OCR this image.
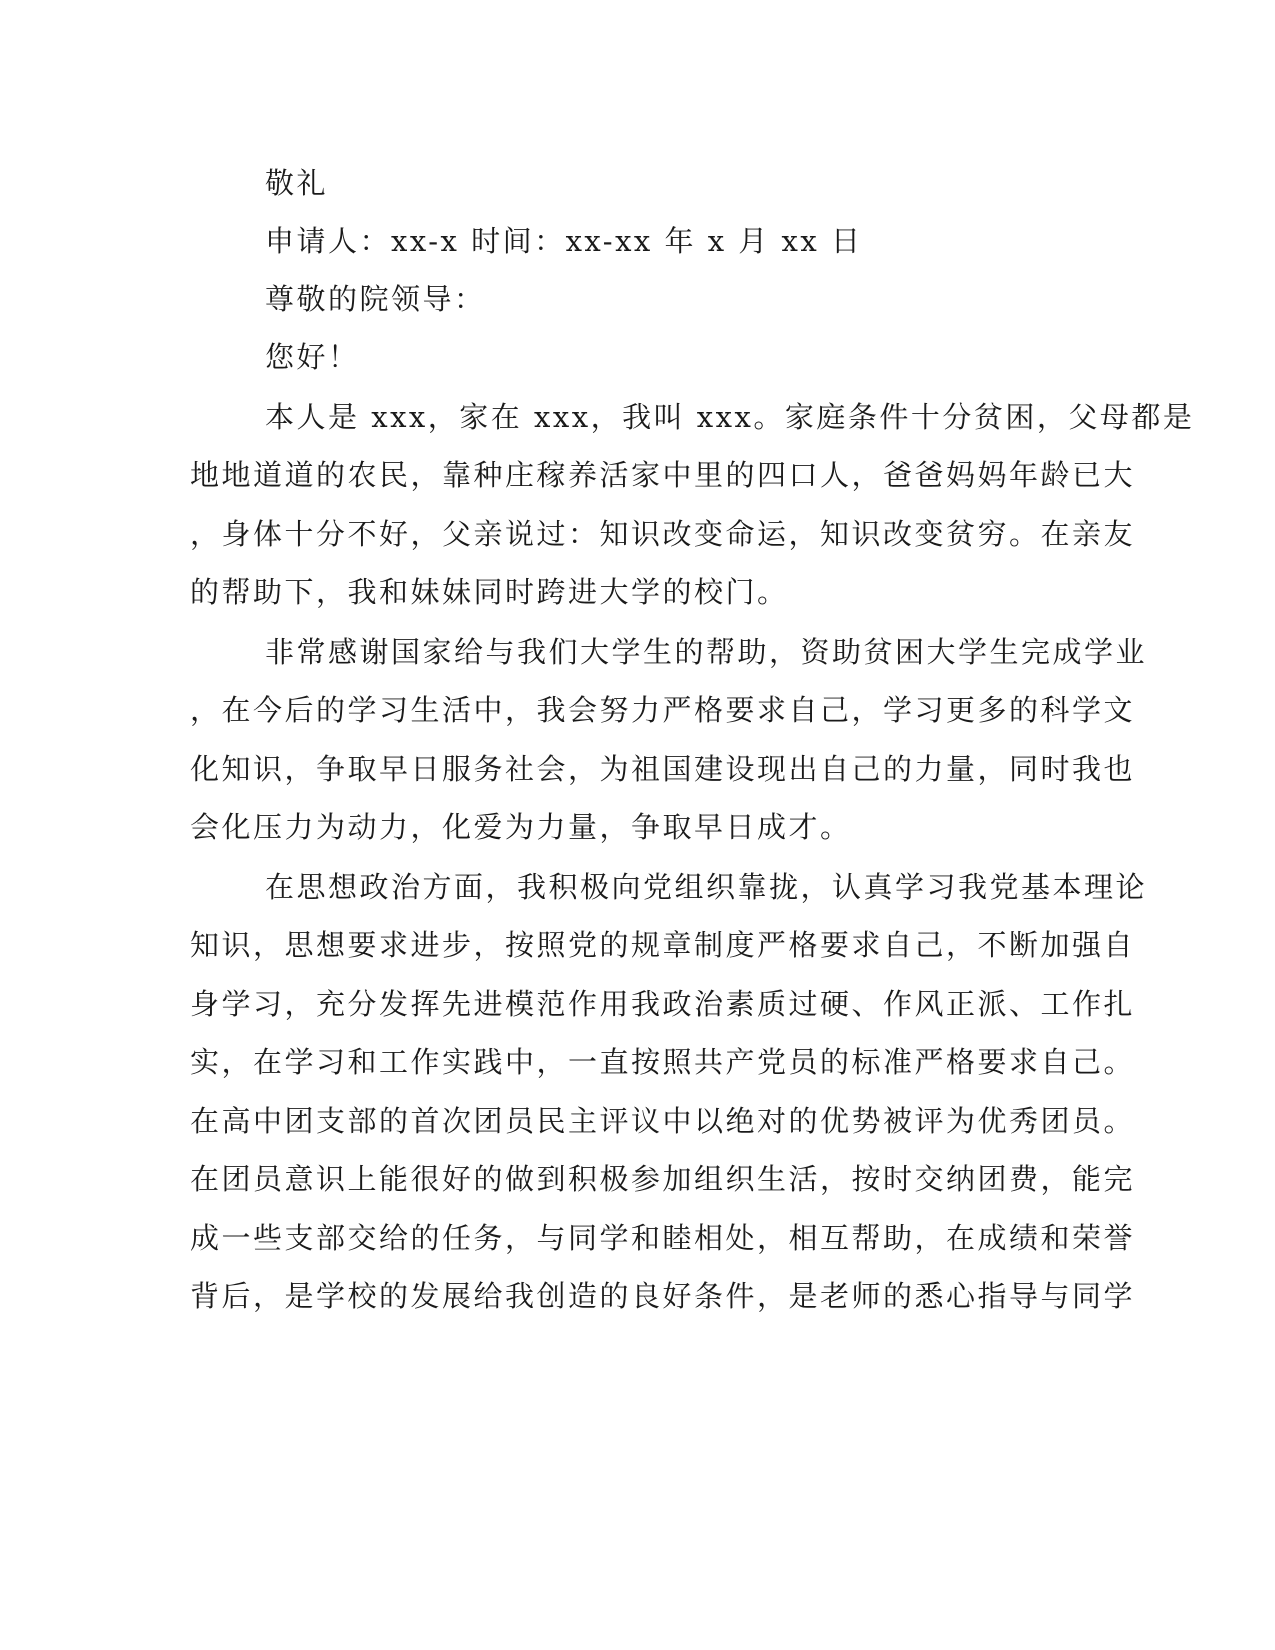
敬礼
申请人：xx-x 时间：xx-xx 年 x 月 xx 日
尊敬的院领导：
您好！
本人是 xxx，家在 xxx，我叫 xxx。家庭条件十分贫困，父母都是
地地道道的农民，靠种庄稼养活家中里的四口人，爸爸妈妈年龄已大
，身体十分不好，父亲说过：知识改变命运，知识改变贫穷。在亲友
的帮助下，我和妹妹同时跨进大学的校门。
非常感谢国家给与我们大学生的帮助，资助贫困大学生完成学业
，在今后的学习生活中，我会努力严格要求自己，学习更多的科学文
化知识，争取早日服务社会，为祖国建设现出自己的力量，同时我也
会化压力为动力，化爱为力量，争取早日成才。
在思想政治方面，我积极向党组织靠拢，认真学习我党基本理论
知识，思想要求进步，按照党的规章制度严格要求自己，不断加强自
身学习，充分发挥先进模范作用我政治素质过硬、作风正派、工作扎
实，在学习和工作实践中，一直按照共产党员的标准严格要求自己。
在高中团支部的首次团员民主评议中以绝对的优势被评为优秀团员。
在团员意识上能很好的做到积极参加组织生活，按时交纳团费，能完
成一些支部交给的任务，与同学和睦相处，相互帮助，在成绩和荣誉
背后，是学校的发展给我创造的良好条件，是老师的悉心指导与同学
